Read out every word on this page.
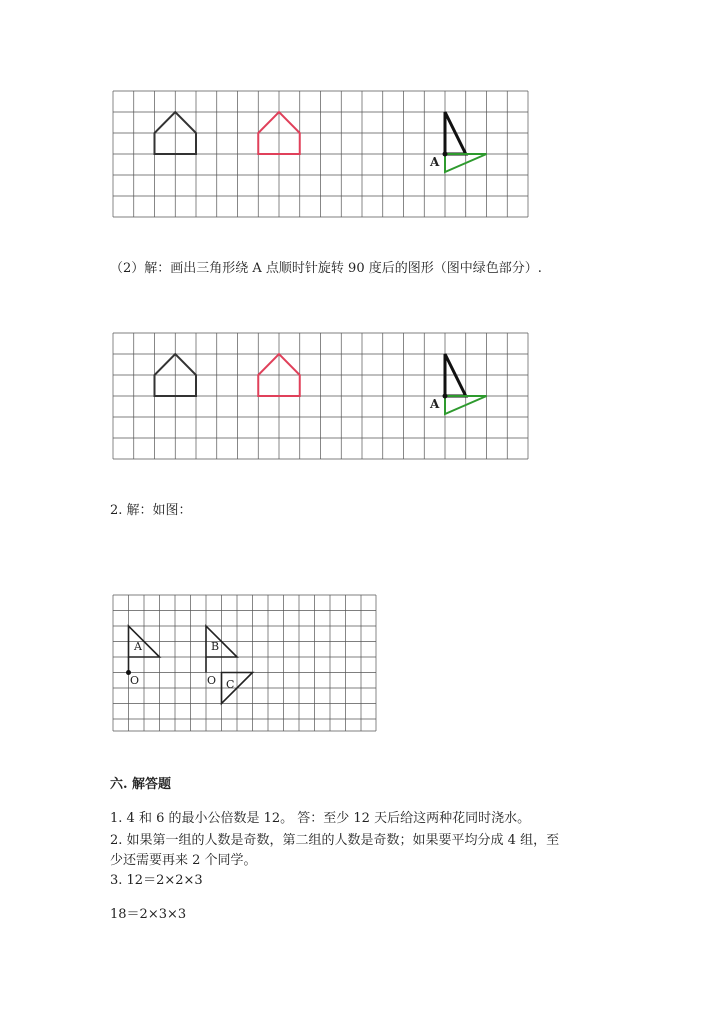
A

（2）解：画出三角形绕 A 点顺时针旋转 90 度后的图形（图中绿色部分）.

A

2. 解：如图：

A
O
B
O C

六. 解答题

1. 4 和 6 的最小公倍数是 12。 答：至少 12 天后给这两种花同时浇水。

2. 如果第一组的人数是奇数，第二组的人数是奇数；如果要平均分成 4 组，至

少还需要再来 2 个同学。

3. 12＝2×2×3

18＝2×3×3
